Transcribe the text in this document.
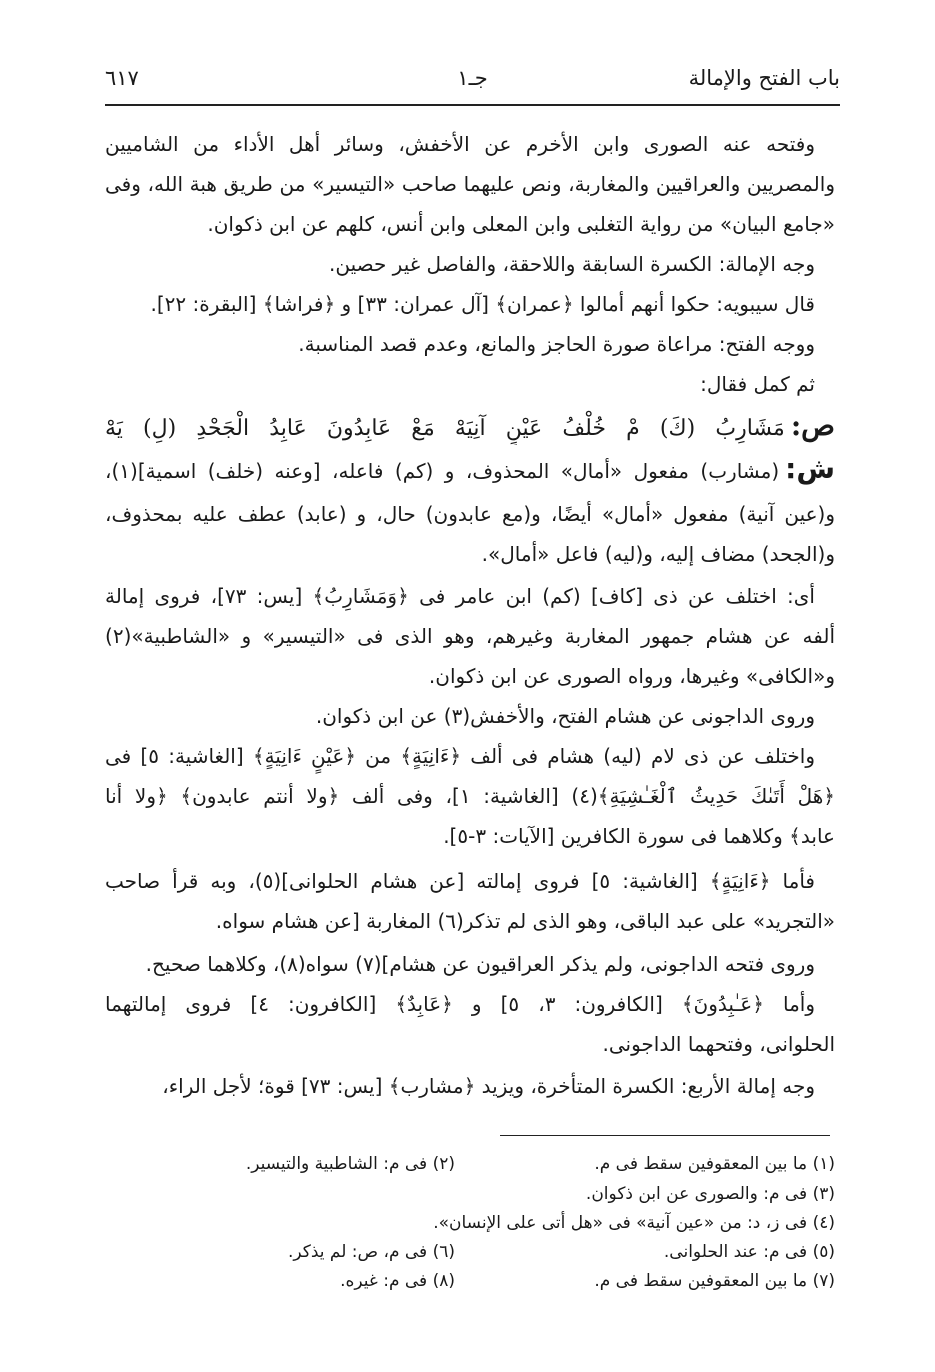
باب الفتح والإمالة
جـ١
٦١٧
وفتحه عنه الصورى وابن الأخرم عن الأخفش، وسائر أهل الأداء من الشاميين
والمصريين والعراقيين والمغاربة، ونص عليهما صاحب «التيسير» من طريق هبة الله، وفى
«جامع البيان» من رواية التغلبى وابن المعلى وابن أنس، كلهم عن ابن ذكوان.
وجه الإمالة: الكسرة السابقة واللاحقة، والفاصل غير حصين.
قال سيبويه: حكوا أنهم أمالوا ﴿عمران﴾ [آل عمران: ٣٣] و ﴿فراشا﴾ [البقرة: ٢٢].
ووجه الفتح: مراعاة صورة الحاجز والمانع، وعدم قصد المناسبة.
ثم كمل فقال:
ص:مَشَارِبُ (كَ) مْ خُلْفُ عَيْنٍ آنِيَهْ مَعْ عَابِدُونَ عَابِدُ الْجَحْدِ (لِ) يَهْ
ش:(مشارب) مفعول «أمال» المحذوف، و (كم) فاعله، [وعنه (خلف) اسمية](١)،
و(عين آنية) مفعول «أمال» أيضًا، و(مع عابدون) حال، و (عابد) عطف عليه بمحذوف،
و(الجحد) مضاف إليه، و(ليه) فاعل «أمال».
أى: اختلف عن ذى [كاف] (كم) ابن عامر فى ﴿وَمَشَارِبُ﴾ [يس: ٧٣]، فروى إمالة
ألفه عن هشام جمهور المغاربة وغيرهم، وهو الذى فى «التيسير» و «الشاطبية»(٢)
و«الكافى» وغيرها، ورواه الصورى عن ابن ذكوان.
وروى الداجونى عن هشام الفتح، والأخفش(٣) عن ابن ذكوان.
واختلف عن ذى لام (ليه) هشام فى ألف ﴿ءَانِيَةٍ﴾ من ﴿عَيْنٍ ءَانِيَةٍ﴾ [الغاشية: ٥] فى
﴿هَلْ أَتَىٰكَ حَدِيثُ ٱلْغَـٰشِيَةِ﴾(٤) [الغاشية: ١]، وفى ألف ﴿ولا أنتم عابدون﴾ ﴿ولا أنا
عابد﴾ وكلاهما فى سورة الكافرين [الآيات: ٣-٥].
فأما ﴿ءَانِيَةٍ﴾ [الغاشية: ٥] فروى إمالته [عن هشام الحلوانى](٥)، وبه قرأ صاحب
«التجريد» على عبد الباقى، وهو الذى لم تذكر(٦) المغاربة [عن هشام سواه.
وروى فتحه الداجونى، ولم يذكر العراقيون عن هشام](٧) سواه(٨)، وكلاهما صحيح.
وأما ﴿عَـٰبِدُونَ﴾ [الكافرون: ٣، ٥] و ﴿عَابِدٌ﴾ [الكافرون: ٤] فروى إمالتهما
الحلوانى، وفتحهما الداجونى.
وجه إمالة الأربع: الكسرة المتأخرة، ويزيد ﴿مشارب﴾ [يس: ٧٣] قوة؛ لأجل الراء،
(١) ما بين المعقوفين سقط فى م.
(٢) فى م: الشاطبية والتيسير.
(٣) فى م: والصورى عن ابن ذكوان.
(٤) فى ز، د: من «عين آنية» فى «هل أتى على الإنسان».
(٥) فى م: عند الحلوانى.
(٦) فى م، ص: لم يذكر.
(٧) ما بين المعقوفين سقط فى م.
(٨) فى م: غيره.
